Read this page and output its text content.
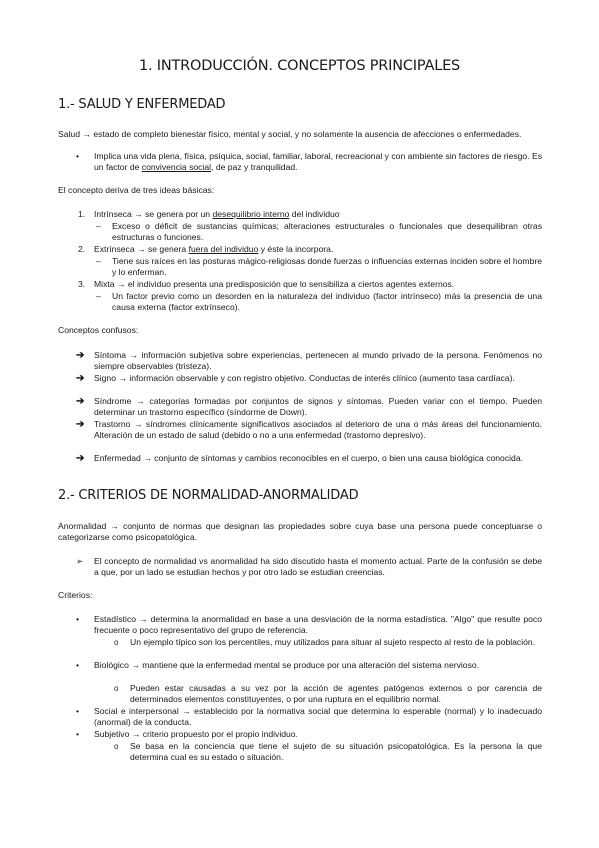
1. INTRODUCCIÓN. CONCEPTOS PRINCIPALES
1.- SALUD Y ENFERMEDAD

Salud → estado de completo bienestar físico, mental y social, y no solamente la ausencia de afecciones o enfermedades.

• Implica una vida plena, física, psíquica, social, familiar, laboral, recreacional y con ambiente sin factores de riesgo. Es un factor de convivencia social, de paz y tranquilidad.

El concepto deriva de tres ideas básicas:

1. Intrínseca → se genera por un desequilibrio interno del individuo

– Exceso o déficit de sustancias químicas; alteraciones estructurales o funcionales que desequilibran otras estructuras o funciones.

2. Extrínseca → se genera fuera del individuo y éste la incorpora.

– Tiene sus raíces en las posturas mágico-religiosas donde fuerzas o influencias externas inciden sobre el hombre y lo enferman.

3. Mixta → el individuo presenta una predisposición que lo sensibiliza a ciertos agentes externos.

– Un factor previo como un desorden en la naturaleza del individuo (factor intrínseco) más la presencia de una causa externa (factor extrínseco).

Conceptos confusos:

➔ Síntoma → información subjetiva sobre experiencias, pertenecen al mundo privado de la persona. Fenómenos no siempre observables (tristeza).

➔ Signo → información observable y con registro objetivo. Conductas de interés clínico (aumento tasa cardíaca).

➔ Síndrome → categorías formadas por conjuntos de signos y síntomas. Pueden variar con el tiempo. Pueden determinar un trastorno específico (síndorme de Down).

➔ Trastorno → síndromes clínicamente significativos asociados al deterioro de una o más áreas del funcionamiento. Alteración de un estado de salud (debido o no a una enfermedad (trastorno depresivo).

➔ Enfermedad → conjunto de síntomas y cambios reconocibles en el cuerpo, o bien una causa biológica conocida.

2.- CRITERIOS DE NORMALIDAD-ANORMALIDAD

Anormalidad → conjunto de normas que designan las propiedades sobre cuya base una persona puede conceptuarse o categorizarse como psicopatológica.

➢ El concepto de normalidad vs anormalidad ha sido discutido hasta el momento actual. Parte de la confusión se debe a que, por un lado se estudian hechos y por otro lado se estudian creencias.

Criterios:

• Estadístico → determina la anormalidad en base a una desviación de la norma estadística. "Algo" que resulte poco frecuente o poco representativo del grupo de referencia.

o Un ejemplo típico son los percentiles, muy utilizados para situar al sujeto respecto al resto de la población.

• Biológico → mantiene que la enfermedad mental se produce por una alteración del sistema nervioso.

o Pueden estar causadas a su vez por la acción de agentes patógenos externos o por carencia de determinados elementos constituyentes, o por una ruptura en el equilibrio normal.

• Social e interpersonal → establecido por la normativa social que determina lo esperable (normal) y lo inadecuado (anormal) de la conducta.

• Subjetivo → criterio propuesto por el propio individuo.

o Se basa en la conciencia que tiene el sujeto de su situación psicopatológica. Es la persona la que determina cual es su estado o situación.
